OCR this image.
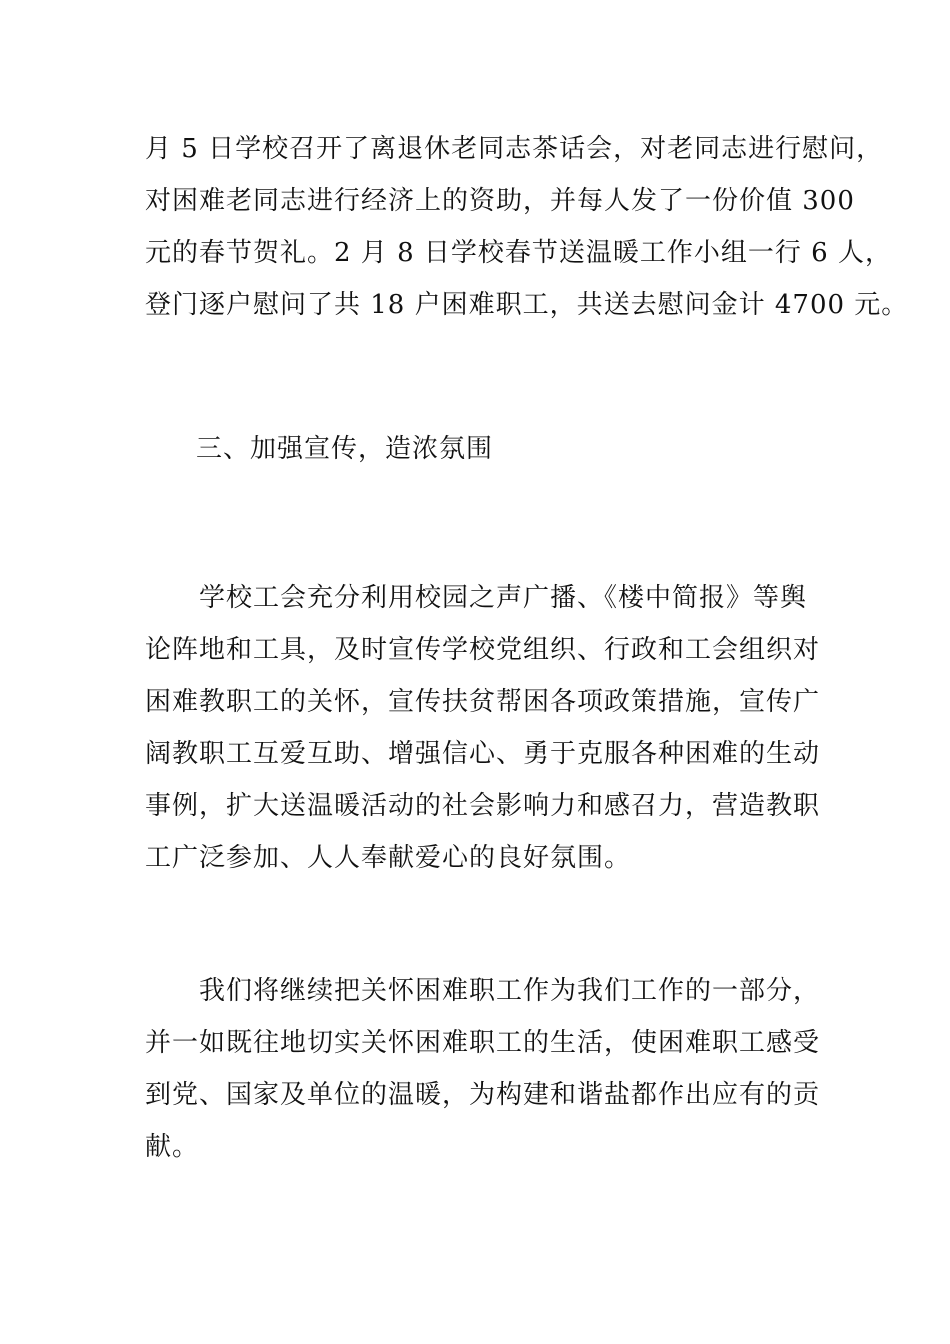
月 5 日学校召开了离退休老同志茶话会，对老同志进行慰问，
对困难老同志进行经济上的资助，并每人发了一份价值 300
元的春节贺礼。2 月 8 日学校春节送温暖工作小组一行 6 人，
登门逐户慰问了共 18 户困难职工，共送去慰问金计 4700 元。

三、加强宣传，造浓氛围

　　学校工会充分利用校园之声广播、《楼中简报》等舆
论阵地和工具，及时宣传学校党组织、行政和工会组织对
困难教职工的关怀，宣传扶贫帮困各项政策措施，宣传广
阔教职工互爱互助、增强信心、勇于克服各种困难的生动
事例，扩大送温暖活动的社会影响力和感召力，营造教职
工广泛参加、人人奉献爱心的良好氛围。

　　我们将继续把关怀困难职工作为我们工作的一部分，
并一如既往地切实关怀困难职工的生活，使困难职工感受
到党、国家及单位的温暖，为构建和谐盐都作出应有的贡
献。
